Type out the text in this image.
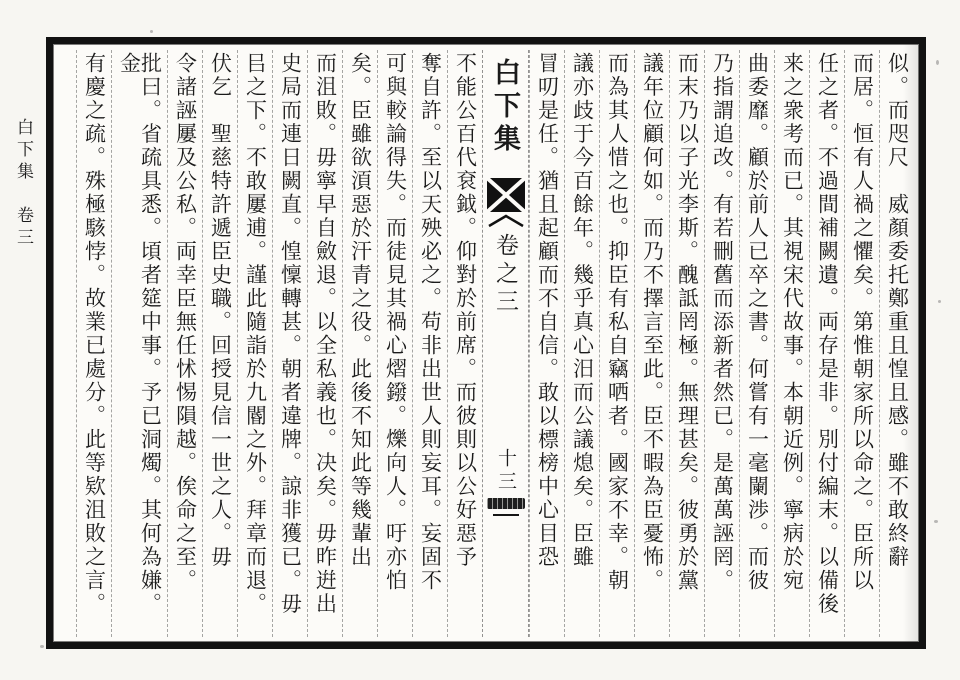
白下集　卷三	似。而咫尺　威顏委托鄭重且惶且感。雖不敢終辭
而居。恒有人禍之懼矣。第惟朝家所以命之。臣所以
任之者。不過間補闕遺。両存是非。別付編末。以備後
来之衆考而已。其視宋代故事。本朝近例。寧病於宛
曲委靡。顧於前人已卒之書。何嘗有一毫闌渉。而彼
乃指謂追改。有若刪舊而添新者然已。是萬萬誣罔。
而末乃以子光李斯。醜詆罔極。無理甚矣。彼勇於黨
議年位顧何如。而乃不擇言至此。臣不暇為臣憂怖。
而為其人惜之也。抑臣有私自竊哂者。國家不幸。朝
議亦歧于今百餘年。幾乎真心汨而公議熄矣。臣雖
冒叨是任。猶且起顧而不自信。敢以標榜中心目恐
白下集
卷之三
十三
不能公百代袞鉞。仰對於前席。而彼則以公好惡予
奪自許。至以天殃必之。苟非出世人則妄耳。妄固不
可與較論得失。而徒見其禍心熠鏺。爍向人。吁亦怕
矣。臣雖欲湏惡於汗青之役。此後不知此等幾輩出
而沮敗。毋寧早自斂退。以全私義也。决矣。毋昨逬出
史局而連日闕直。惶懍轉甚。朝者違牌。諒非獲已。毋
㠯之下。不敢屢逋。謹此隨詣於九閽之外。拜章而退。
伏乞　聖慈特許遞臣史職。回授見信一世之人。毋
令諸誣屢及公私。両幸臣無任怵惕隕越。俟命之至。
批曰。省疏具悉。頃者筵中事。予已洞燭。其何為嫌。金
有慶之疏。殊極駭悖。故業已處分。此等欵沮敗之言。
